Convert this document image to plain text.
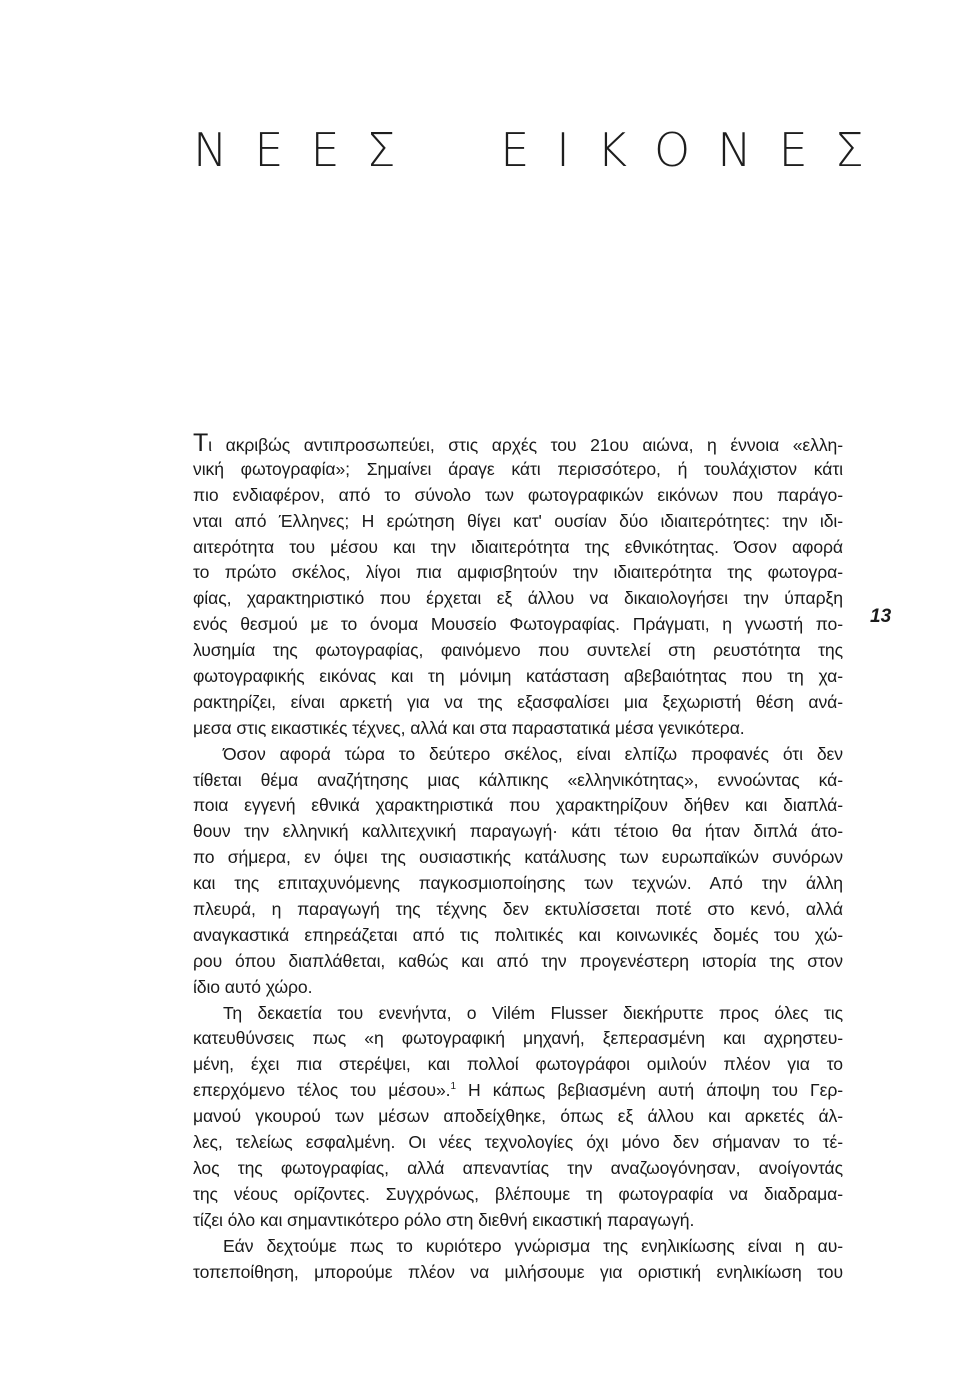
ΝΕΕΣ ΕΙΚΟΝΕΣ
Τι ακριβώς αντιπροσωπεύει, στις αρχές του 21ου αιώνα, η έννοια «ελλη-
νική φωτογραφία»; Σημαίνει άραγε κάτι περισσότερο, ή τουλάχιστον κάτι
πιο ενδιαφέρον, από το σύνολο των φωτογραφικών εικόνων που παράγο-
νται από Έλληνες; Η ερώτηση θίγει κατ' ουσίαν δύο ιδιαιτερότητες: την ιδι-
αιτερότητα του μέσου και την ιδιαιτερότητα της εθνικότητας. Όσον αφορά
το πρώτο σκέλος, λίγοι πια αμφισβητούν την ιδιαιτερότητα της φωτογρα-
φίας, χαρακτηριστικό που έρχεται εξ άλλου να δικαιολογήσει την ύπαρξη
ενός θεσμού με το όνομα Μουσείο Φωτογραφίας. Πράγματι, η γνωστή πο-
λυσημία της φωτογραφίας, φαινόμενο που συντελεί στη ρευστότητα της
φωτογραφικής εικόνας και τη μόνιμη κατάσταση αβεβαιότητας που τη χα-
ρακτηρίζει, είναι αρκετή για να της εξασφαλίσει μια ξεχωριστή θέση ανά-
μεσα στις εικαστικές τέχνες, αλλά και στα παραστατικά μέσα γενικότερα.
Όσον αφορά τώρα το δεύτερο σκέλος, είναι ελπίζω προφανές ότι δεν
τίθεται θέμα αναζήτησης μιας κάλπικης «ελληνικότητας», εννοώντας κά-
ποια εγγενή εθνικά χαρακτηριστικά που χαρακτηρίζουν δήθεν και διαπλά-
θουν την ελληνική καλλιτεχνική παραγωγή· κάτι τέτοιο θα ήταν διπλά άτο-
πο σήμερα, εν όψει της ουσιαστικής κατάλυσης των ευρωπαϊκών συνόρων
και της επιταχυνόμενης παγκοσμιοποίησης των τεχνών. Από την άλλη
πλευρά, η παραγωγή της τέχνης δεν εκτυλίσσεται ποτέ στο κενό, αλλά
αναγκαστικά επηρεάζεται από τις πολιτικές και κοινωνικές δομές του χώ-
ρου όπου διαπλάθεται, καθώς και από την προγενέστερη ιστορία της στον
ίδιο αυτό χώρο.
Τη δεκαετία του ενενήντα, ο Vilém Flusser διεκήρυττε προς όλες τις
κατευθύνσεις πως «η φωτογραφική μηχανή, ξεπερασμένη και αχρηστευ-
μένη, έχει πια στερέψει, και πολλοί φωτογράφοι ομιλούν πλέον για το
επερχόμενο τέλος του μέσου».$^1$ Η κάπως βεβιασμένη αυτή άποψη του Γερ-
μανού γκουρού των μέσων αποδείχθηκε, όπως εξ άλλου και αρκετές άλ-
λες, τελείως εσφαλμένη. Οι νέες τεχνολογίες όχι μόνο δεν σήμαναν το τέ-
λος της φωτογραφίας, αλλά απεναντίας την αναζωογόνησαν, ανοίγοντάς
της νέους ορίζοντες. Συγχρόνως, βλέπουμε τη φωτογραφία να διαδραμα-
τίζει όλο και σημαντικότερο ρόλο στη διεθνή εικαστική παραγωγή.
Εάν δεχτούμε πως το κυριότερο γνώρισμα της ενηλικίωσης είναι η αυ-
τοπεποίθηση, μπορούμε πλέον να μιλήσουμε για οριστική ενηλικίωση του
13
